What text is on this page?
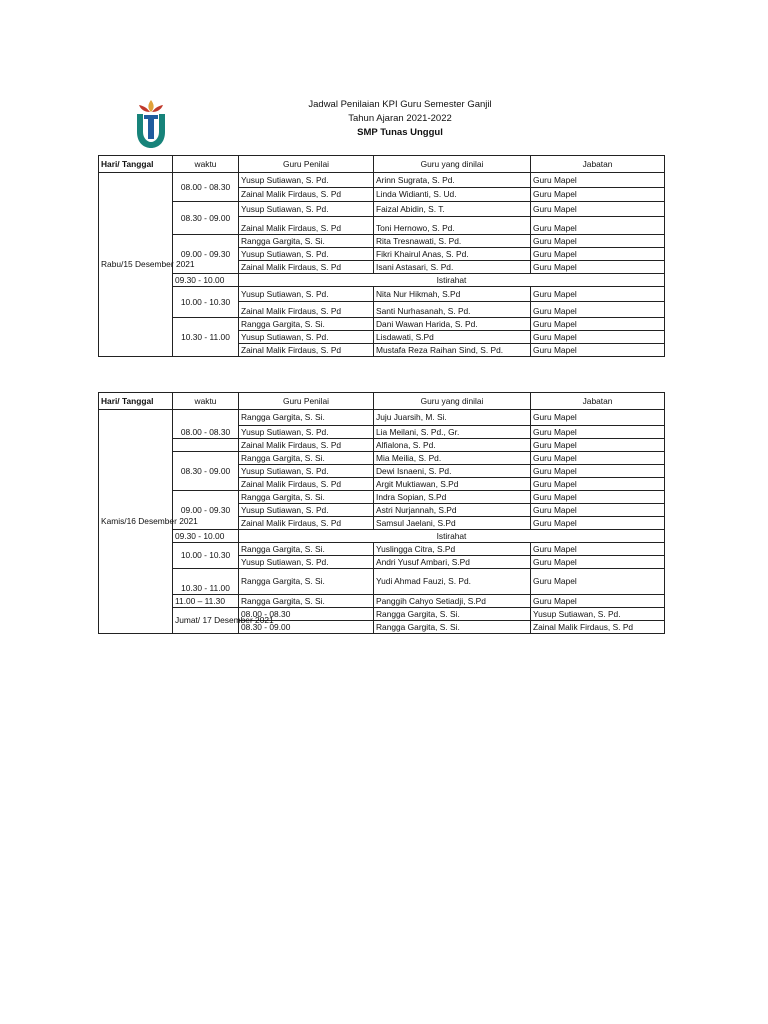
Jadwal Penilaian KPI Guru Semester Ganjil
Tahun Ajaran 2021-2022
SMP Tunas Unggul
Hari/ Tanggal	waktu	Guru Penilai	Guru yang dinilai	Jabatan
Rabu/15 Desember 2021	08.00 - 08.30	Yusup Sutiawan, S. Pd.	Arinn Sugrata, S. Pd.	Guru Mapel
		Zainal Malik Firdaus, S. Pd	Linda Widianti, S. Ud.	Guru Mapel
	08.30 - 09.00	Yusup Sutiawan, S. Pd.	Faizal Abidin, S. T.	Guru Mapel
		Zainal Malik Firdaus, S. Pd	Toni Hernowo, S. Pd.	Guru Mapel
	09.00 - 09.30	Rangga Gargita, S. Si.	Rita Tresnawati, S. Pd.	Guru Mapel
		Yusup Sutiawan, S. Pd.	Fikri Khairul Anas, S. Pd.	Guru Mapel
		Zainal Malik Firdaus, S. Pd	Isani Astasari, S. Pd.	Guru Mapel
	09.30 - 10.00	Istirahat		
	10.00 - 10.30	Yusup Sutiawan, S. Pd.	Nita Nur Hikmah, S.Pd	Guru Mapel
		Zainal Malik Firdaus, S. Pd	Santi Nurhasanah, S. Pd.	Guru Mapel
	10.30 - 11.00	Rangga Gargita, S. Si.	Dani Wawan Harida, S. Pd.	Guru Mapel
		Yusup Sutiawan, S. Pd.	Lisdawati, S.Pd	Guru Mapel
		Zainal Malik Firdaus, S. Pd	Mustafa Reza Raihan Sind, S. Pd.	Guru Mapel
Hari/ Tanggal	waktu	Guru Penilai	Guru yang dinilai	Jabatan	
Kamis/16 Desember 2021	08.00 - 08.30	Rangga Gargita, S. Si.	Juju Juarsih, M. Si.	Guru Mapel	
		Yusup Sutiawan, S. Pd.	Lia Meilani, S. Pd., Gr.	Guru Mapel	
		Zainal Malik Firdaus, S. Pd	Alfialona, S. Pd.	Guru Mapel	
	08.30 - 09.00	Rangga Gargita, S. Si.	Mia Meilia, S. Pd.	Guru Mapel	
		Yusup Sutiawan, S. Pd.	Dewi Isnaeni, S. Pd.	Guru Mapel	
		Zainal Malik Firdaus, S. Pd	Argit Muktiawan, S.Pd	Guru Mapel	
	09.00 - 09.30	Rangga Gargita, S. Si.	Indra Sopian, S.Pd	Guru Mapel	
		Yusup Sutiawan, S. Pd.	Astri Nurjannah, S.Pd	Guru Mapel	
		Zainal Malik Firdaus, S. Pd	Samsul Jaelani, S.Pd	Guru Mapel	
	09.30 - 10.00	Istirahat			
	10.00 - 10.30	Rangga Gargita, S. Si.	Yuslingga Citra, S.Pd	Guru Mapel	
		Yusup Sutiawan, S. Pd.	Andri Yusuf Ambari, S.Pd	Guru Mapel	
	10.30 - 11.00	Rangga Gargita, S. Si.	Yudi Ahmad Fauzi, S. Pd.	Guru Mapel	
	11.00 – 11.30	Rangga Gargita, S. Si.	Panggih Cahyo Setiadji, S.Pd	Guru Mapel	
	Jumat/ 17 Desember 2021	08.00 - 08.30	Rangga Gargita, S. Si.	Yusup Sutiawan, S. Pd.	
		08.30 - 09.00	Rangga Gargita, S. Si.	Zainal Malik Firdaus, S. Pd	
